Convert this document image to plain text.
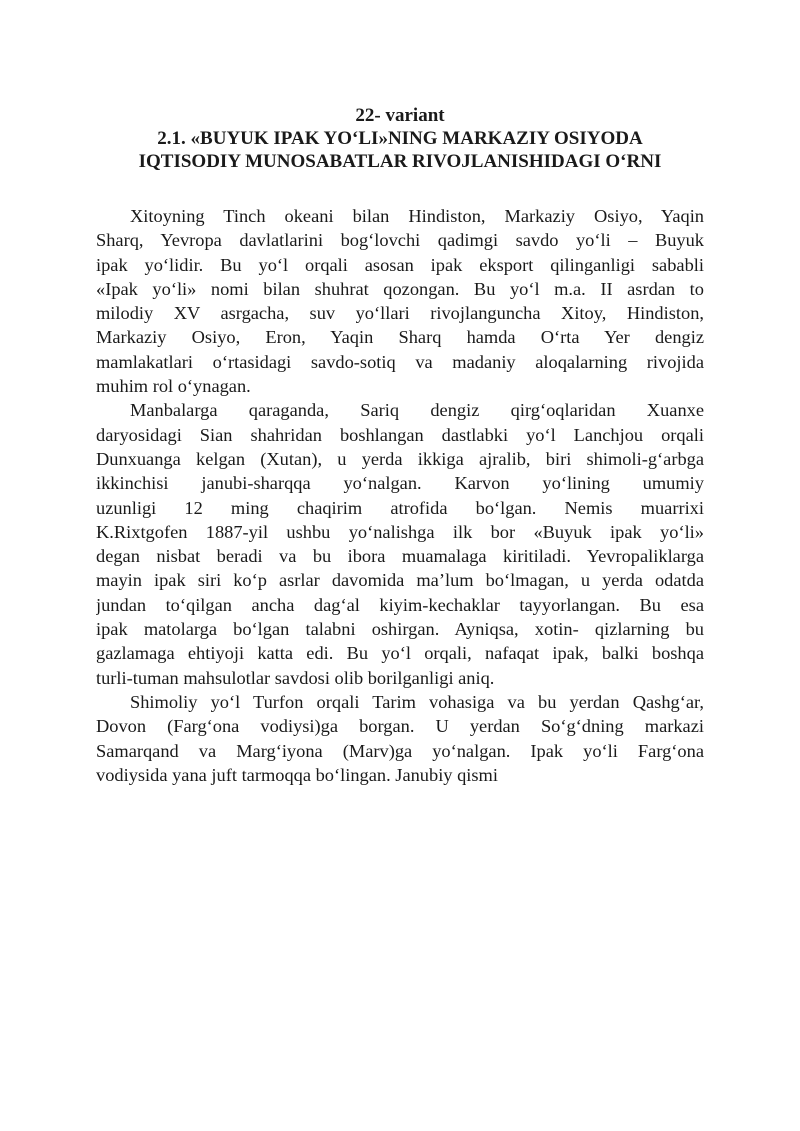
22- variant
2.1. «BUYUK IPAK YO‘LI»NING MARKAZIY OSIYODA
IQTISODIY MUNOSABATLAR RIVOJLANISHIDAGI O‘RNI
Xitoyning Tinch okeani bilan Hindiston, Markaziy Osiyo, Yaqin
Sharq, Yevropa davlatlarini bog‘lovchi qadimgi savdo yo‘li – Buyuk
ipak yo‘lidir. Bu yo‘l orqali asosan ipak eksport qilinganligi sababli
«Ipak yo‘li» nomi bilan shuhrat qozongan. Bu yo‘l m.a. II asrdan to
milodiy XV asrgacha, suv yo‘llari rivojlanguncha Xitoy, Hindiston,
Markaziy Osiyo, Eron, Yaqin Sharq hamda O‘rta Yer dengiz
mamlakatlari o‘rtasidagi savdo-sotiq va madaniy aloqalarning rivojida
muhim rol o‘ynagan.
Manbalarga qaraganda, Sariq dengiz qirg‘oqlaridan Xuanxe
daryosidagi Sian shahridan boshlangan dastlabki yo‘l Lanchjou orqali
Dunxuanga kelgan (Xutan), u yerda ikkiga ajralib, biri shimoli-g‘arbga
ikkinchisi janubi-sharqqa yo‘nalgan. Karvon yo‘lining umumiy
uzunligi 12 ming chaqirim atrofida bo‘lgan. Nemis muarrixi
K.Rixtgofen 1887-yil ushbu yo‘nalishga ilk bor «Buyuk ipak yo‘li»
degan nisbat beradi va bu ibora muamalaga kiritiladi. Yevropaliklarga
mayin ipak siri ko‘p asrlar davomida ma’lum bo‘lmagan, u yerda odatda
jundan to‘qilgan ancha dag‘al kiyim-kechaklar tayyorlangan. Bu esa
ipak matolarga bo‘lgan talabni oshirgan. Ayniqsa, xotin- qizlarning bu
gazlamaga ehtiyoji katta edi. Bu yo‘l orqali, nafaqat ipak, balki boshqa
turli-tuman mahsulotlar savdosi olib borilganligi aniq.
Shimoliy yo‘l Turfon orqali Tarim vohasiga va bu yerdan Qashg‘ar,
Dovon (Farg‘ona vodiysi)ga borgan. U yerdan So‘g‘dning markazi
Samarqand va Marg‘iyona (Marv)ga yo‘nalgan. Ipak yo‘li Farg‘ona
vodiysida yana juft tarmoqqa bo‘lingan. Janubiy qismi
